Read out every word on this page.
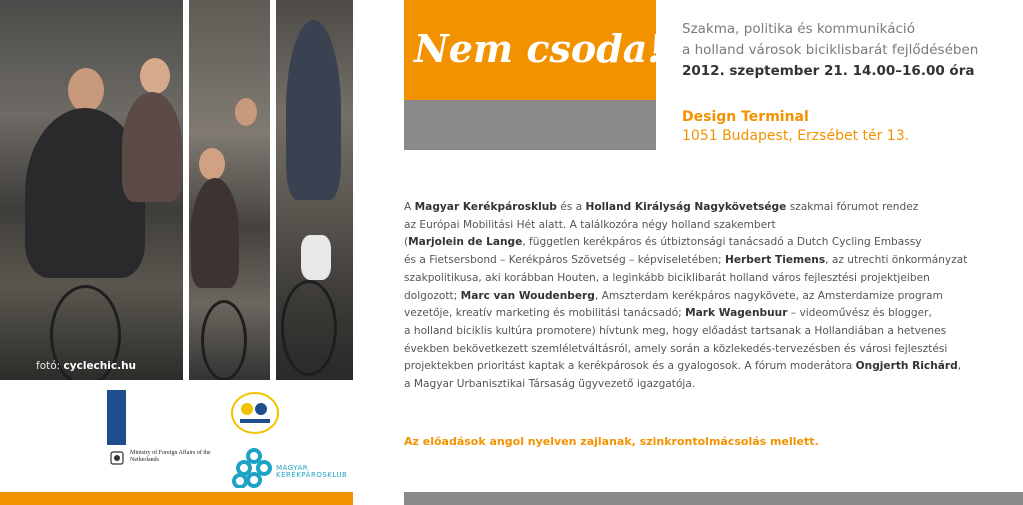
fotó: cyclechic.hu
Ministry of Foreign Affairs of the
Netherlands
MAGYAR
KERÉKPÁROSKLUB
Nem csoda! Szakma, politika és kommunikáció
a holland városok biciklisbarát fejlődésében
2012. szeptember 21. 14.00–16.00 óra
Design Terminal
1051 Budapest, Erzsébet tér 13.
A Magyar Kerékpárosklub és a Holland Királyság Nagykövetsége szakmai fórumot rendez
az Európai Mobilitási Hét alatt. A találkozóra négy holland szakembert
(Marjolein de Lange, független kerékpáros és útbiztonsági tanácsadó a Dutch Cycling Embassy
és a Fietsersbond – Kerékpáros Szövetség – képviseletében; Herbert Tiemens, az utrechti önkormányzat
szakpolitikusa, aki korábban Houten, a leginkább biciklibarát holland város fejlesztési projektjeiben
dolgozott; Marc van Woudenberg, Amszterdam kerékpáros nagykövete, az Amsterdamize program
vezetője, kreatív marketing és mobilitási tanácsadó; Mark Wagenbuur – videoművész és blogger,
a holland biciklis kultúra promotere) hívtunk meg, hogy előadást tartsanak a Hollandiában a hetvenes
években bekövetkezett szemléletváltásról, amely során a közlekedés-tervezésben és városi fejlesztési
projektekben prioritást kaptak a kerékpárosok és a gyalogosok. A fórum moderátora Ongjerth Richárd,
a Magyar Urbanisztikai Társaság ügyvezető igazgatója.
Az előadások angol nyelven zajlanak, szinkrontolmácsolás mellett.
